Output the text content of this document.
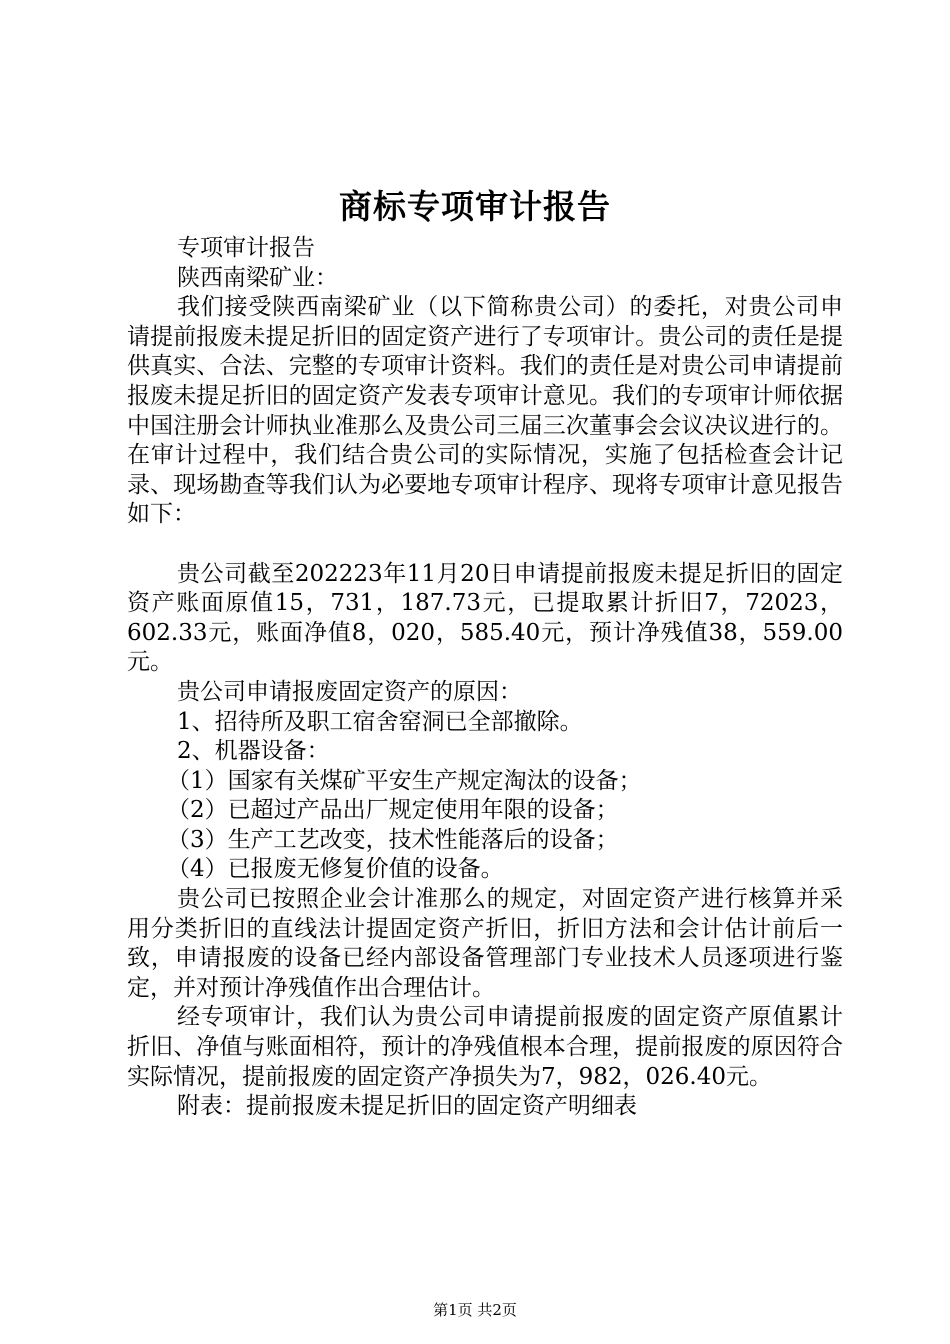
商标专项审计报告

专项审计报告

陕西南梁矿业：

我们接受陕西南梁矿业（以下简称贵公司）的委托，对贵公司申请提前报废未提足折旧的固定资产进行了专项审计。贵公司的责任是提供真实、合法、完整的专项审计资料。我们的责任是对贵公司申请提前报废未提足折旧的固定资产发表专项审计意见。我们的专项审计师依据中国注册会计师执业准那么及贵公司三届三次董事会会议决议进行的。在审计过程中，我们结合贵公司的实际情况，实施了包括检查会计记录、现场勘查等我们认为必要地专项审计程序、现将专项审计意见报告如下：

贵公司截至202223年11月20日申请提前报废未提足折旧的固定资产账面原值15，731，187.73元，已提取累计折旧7，72023，602.33元，账面净值8，020，585.40元，预计净残值38，559.00元。

贵公司申请报废固定资产的原因：

1、招待所及职工宿舍窑洞已全部撤除。

2、机器设备：

（1）国家有关煤矿平安生产规定淘汰的设备；

（2）已超过产品出厂规定使用年限的设备；

（3）生产工艺改变，技术性能落后的设备；

（4）已报废无修复价值的设备。

贵公司已按照企业会计准那么的规定，对固定资产进行核算并采用分类折旧的直线法计提固定资产折旧，折旧方法和会计估计前后一致，申请报废的设备已经内部设备管理部门专业技术人员逐项进行鉴定，并对预计净残值作出合理估计。

经专项审计，我们认为贵公司申请提前报废的固定资产原值累计折旧、净值与账面相符，预计的净残值根本合理，提前报废的原因符合实际情况，提前报废的固定资产净损失为7，982，026.40元。

附表：提前报废未提足折旧的固定资产明细表

第1页 共2页
